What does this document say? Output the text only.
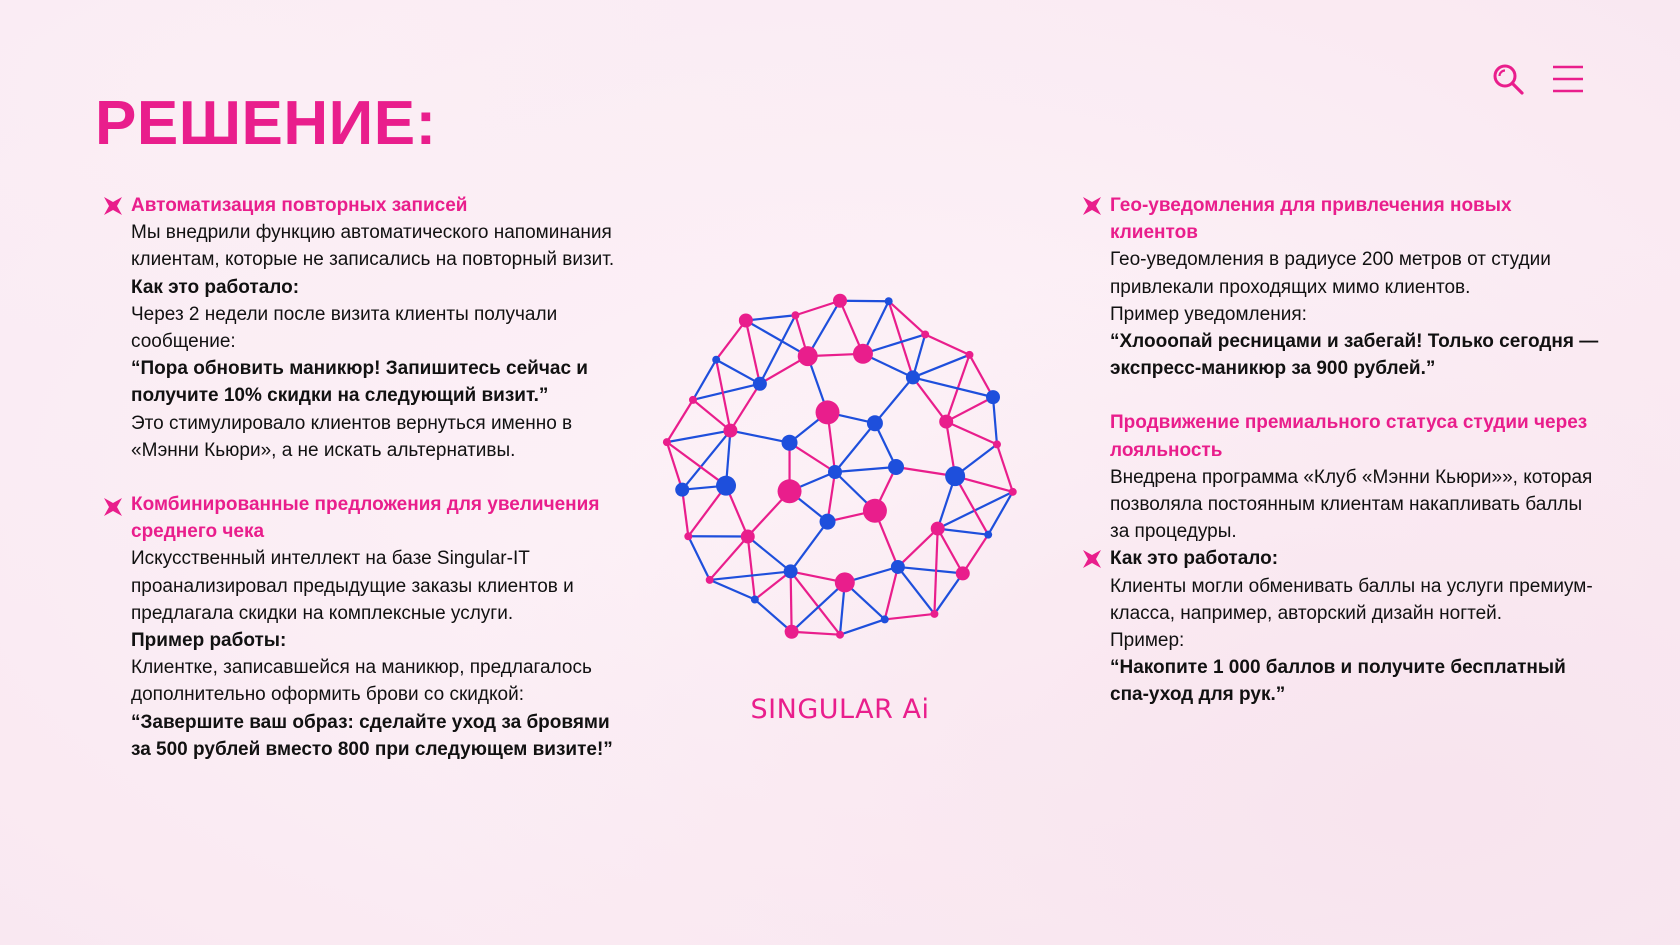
РЕШЕНИЕ:
Автоматизация повторных записей

Мы внедрили функцию автоматического напоминания клиентам, которые не записались на повторный визит.

Как это работало:

Через 2 недели после визита клиенты получали сообщение:

“Пора обновить маникюр! Запишитесь сейчас и получите 10% скидки на следующий визит.”

Это стимулировало клиентов вернуться именно в «Мэнни Кьюри», а не искать альтернативы.

Комбинированные предложения для увеличения среднего чека

Искусственный интеллект на базе Singular-IT проанализировал предыдущие заказы клиентов и предлагала скидки на комплексные услуги.

Пример работы:

Клиентке, записавшейся на маникюр, предлагалось дополнительно оформить брови со скидкой:

“Завершите ваш образ: сделайте уход за бровями за 500 рублей вместо 800 при следующем визите!”

Гео-уведомления для привлечения новых клиентов

Гео-уведомления в радиусе 200 метров от студии привлекали проходящих мимо клиентов.

Пример уведомления:

“Хлооопай ресницами и забегай! Только сегодня — экспресс-маникюр за 900 рублей.”

Продвижение премиального статуса студии через лояльность

Внедрена программа «Клуб «Мэнни Кьюри»», которая позволяла постоянным клиентам накапливать баллы за процедуры.

Как это работало:

Клиенты могли обменивать баллы на услуги премиум-класса, например, авторский дизайн ногтей.

Пример:

“Накопите 1 000 баллов и получите бесплатный спа-уход для рук.”

SINGULAR Ai
